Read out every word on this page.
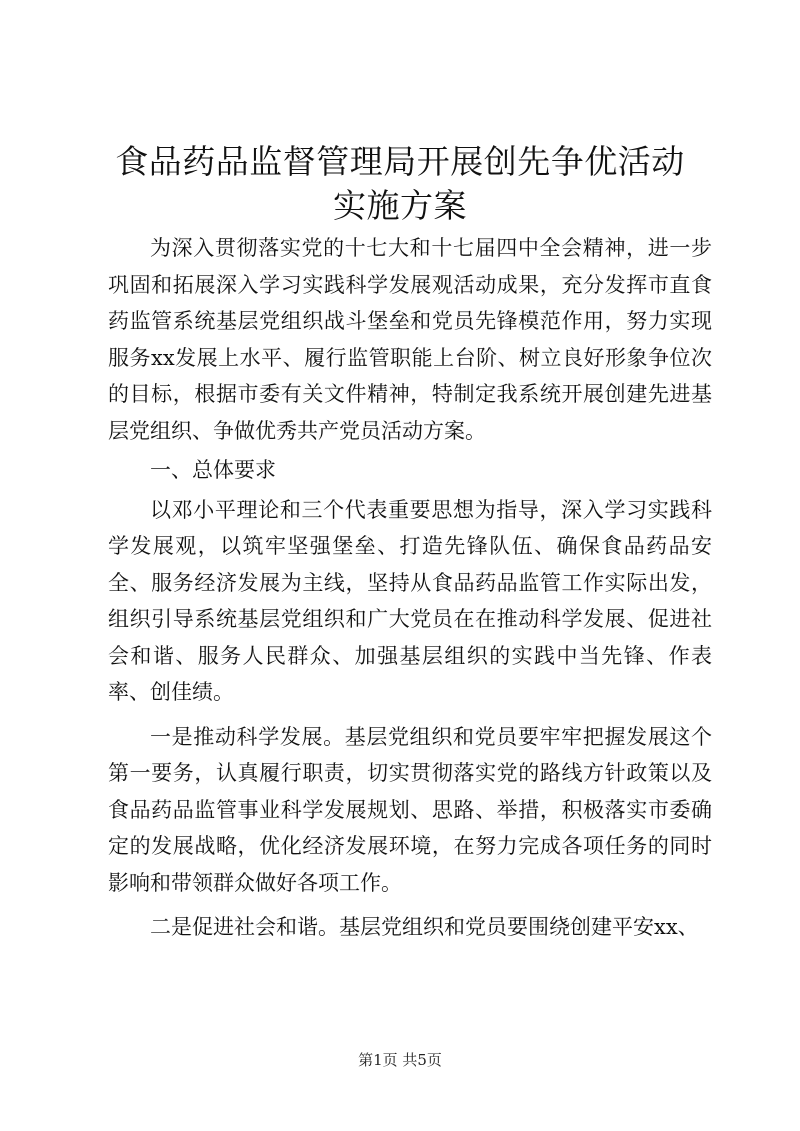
食品药品监督管理局开展创先争优活动实施方案

为深入贯彻落实党的十七大和十七届四中全会精神，进一步巩固和拓展深入学习实践科学发展观活动成果，充分发挥市直食药监管系统基层党组织战斗堡垒和党员先锋模范作用，努力实现服务xx发展上水平、履行监管职能上台阶、树立良好形象争位次的目标，根据市委有关文件精神，特制定我系统开展创建先进基层党组织、争做优秀共产党员活动方案。

一、总体要求

以邓小平理论和三个代表重要思想为指导，深入学习实践科学发展观，以筑牢坚强堡垒、打造先锋队伍、确保食品药品安全、服务经济发展为主线，坚持从食品药品监管工作实际出发，组织引导系统基层党组织和广大党员在在推动科学发展、促进社会和谐、服务人民群众、加强基层组织的实践中当先锋、作表率、创佳绩。

一是推动科学发展。基层党组织和党员要牢牢把握发展这个第一要务，认真履行职责，切实贯彻落实党的路线方针政策以及食品药品监管事业科学发展规划、思路、举措，积极落实市委确定的发展战略，优化经济发展环境，在努力完成各项任务的同时影响和带领群众做好各项工作。

二是促进社会和谐。基层党组织和党员要围绕创建平安xx、

第1页 共5页
